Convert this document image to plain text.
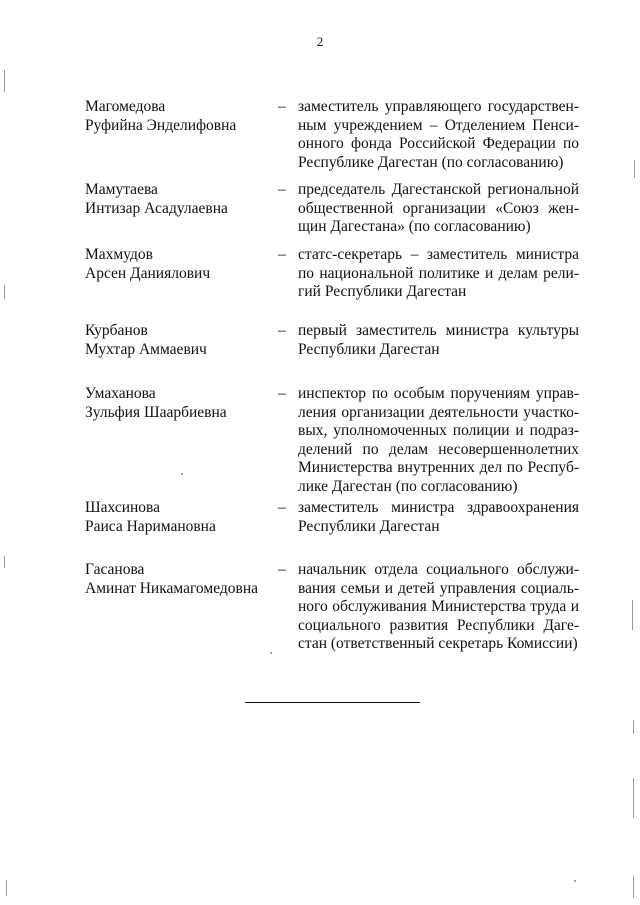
2
Магомедова
Руфийна Энделифовна
– заместитель управляющего государствен-
ным учреждением – Отделением Пенси-
онного фонда Российской Федерации по
Республике Дагестан (по согласованию)
Мамутаева
Интизар Асадулаевна
– председатель Дагестанской региональной
общественной организации «Союз жен-
щин Дагестана» (по согласованию)
Махмудов
Арсен Даниялович
– статс-секретарь – заместитель министра
по национальной политике и делам рели-
гий Республики Дагестан
Курбанов
Мухтар Аммаевич
– первый заместитель министра культуры
Республики Дагестан
Умаханова
Зульфия Шаарбиевна
– инспектор по особым поручениям управ-
ления организации деятельности участко-
вых, уполномоченных полиции и подраз-
делений по делам несовершеннолетних
Министерства внутренних дел по Респуб-
лике Дагестан (по согласованию)
Шахсинова
Раиса Наримановна
– заместитель министра здравоохранения
Республики Дагестан
Гасанова
Аминат Никамагомедовна
– начальник отдела социального обслужи-
вания семьи и детей управления социаль-
ного обслуживания Министерства труда и
социального развития Республики Даге-
стан (ответственный секретарь Комиссии)
